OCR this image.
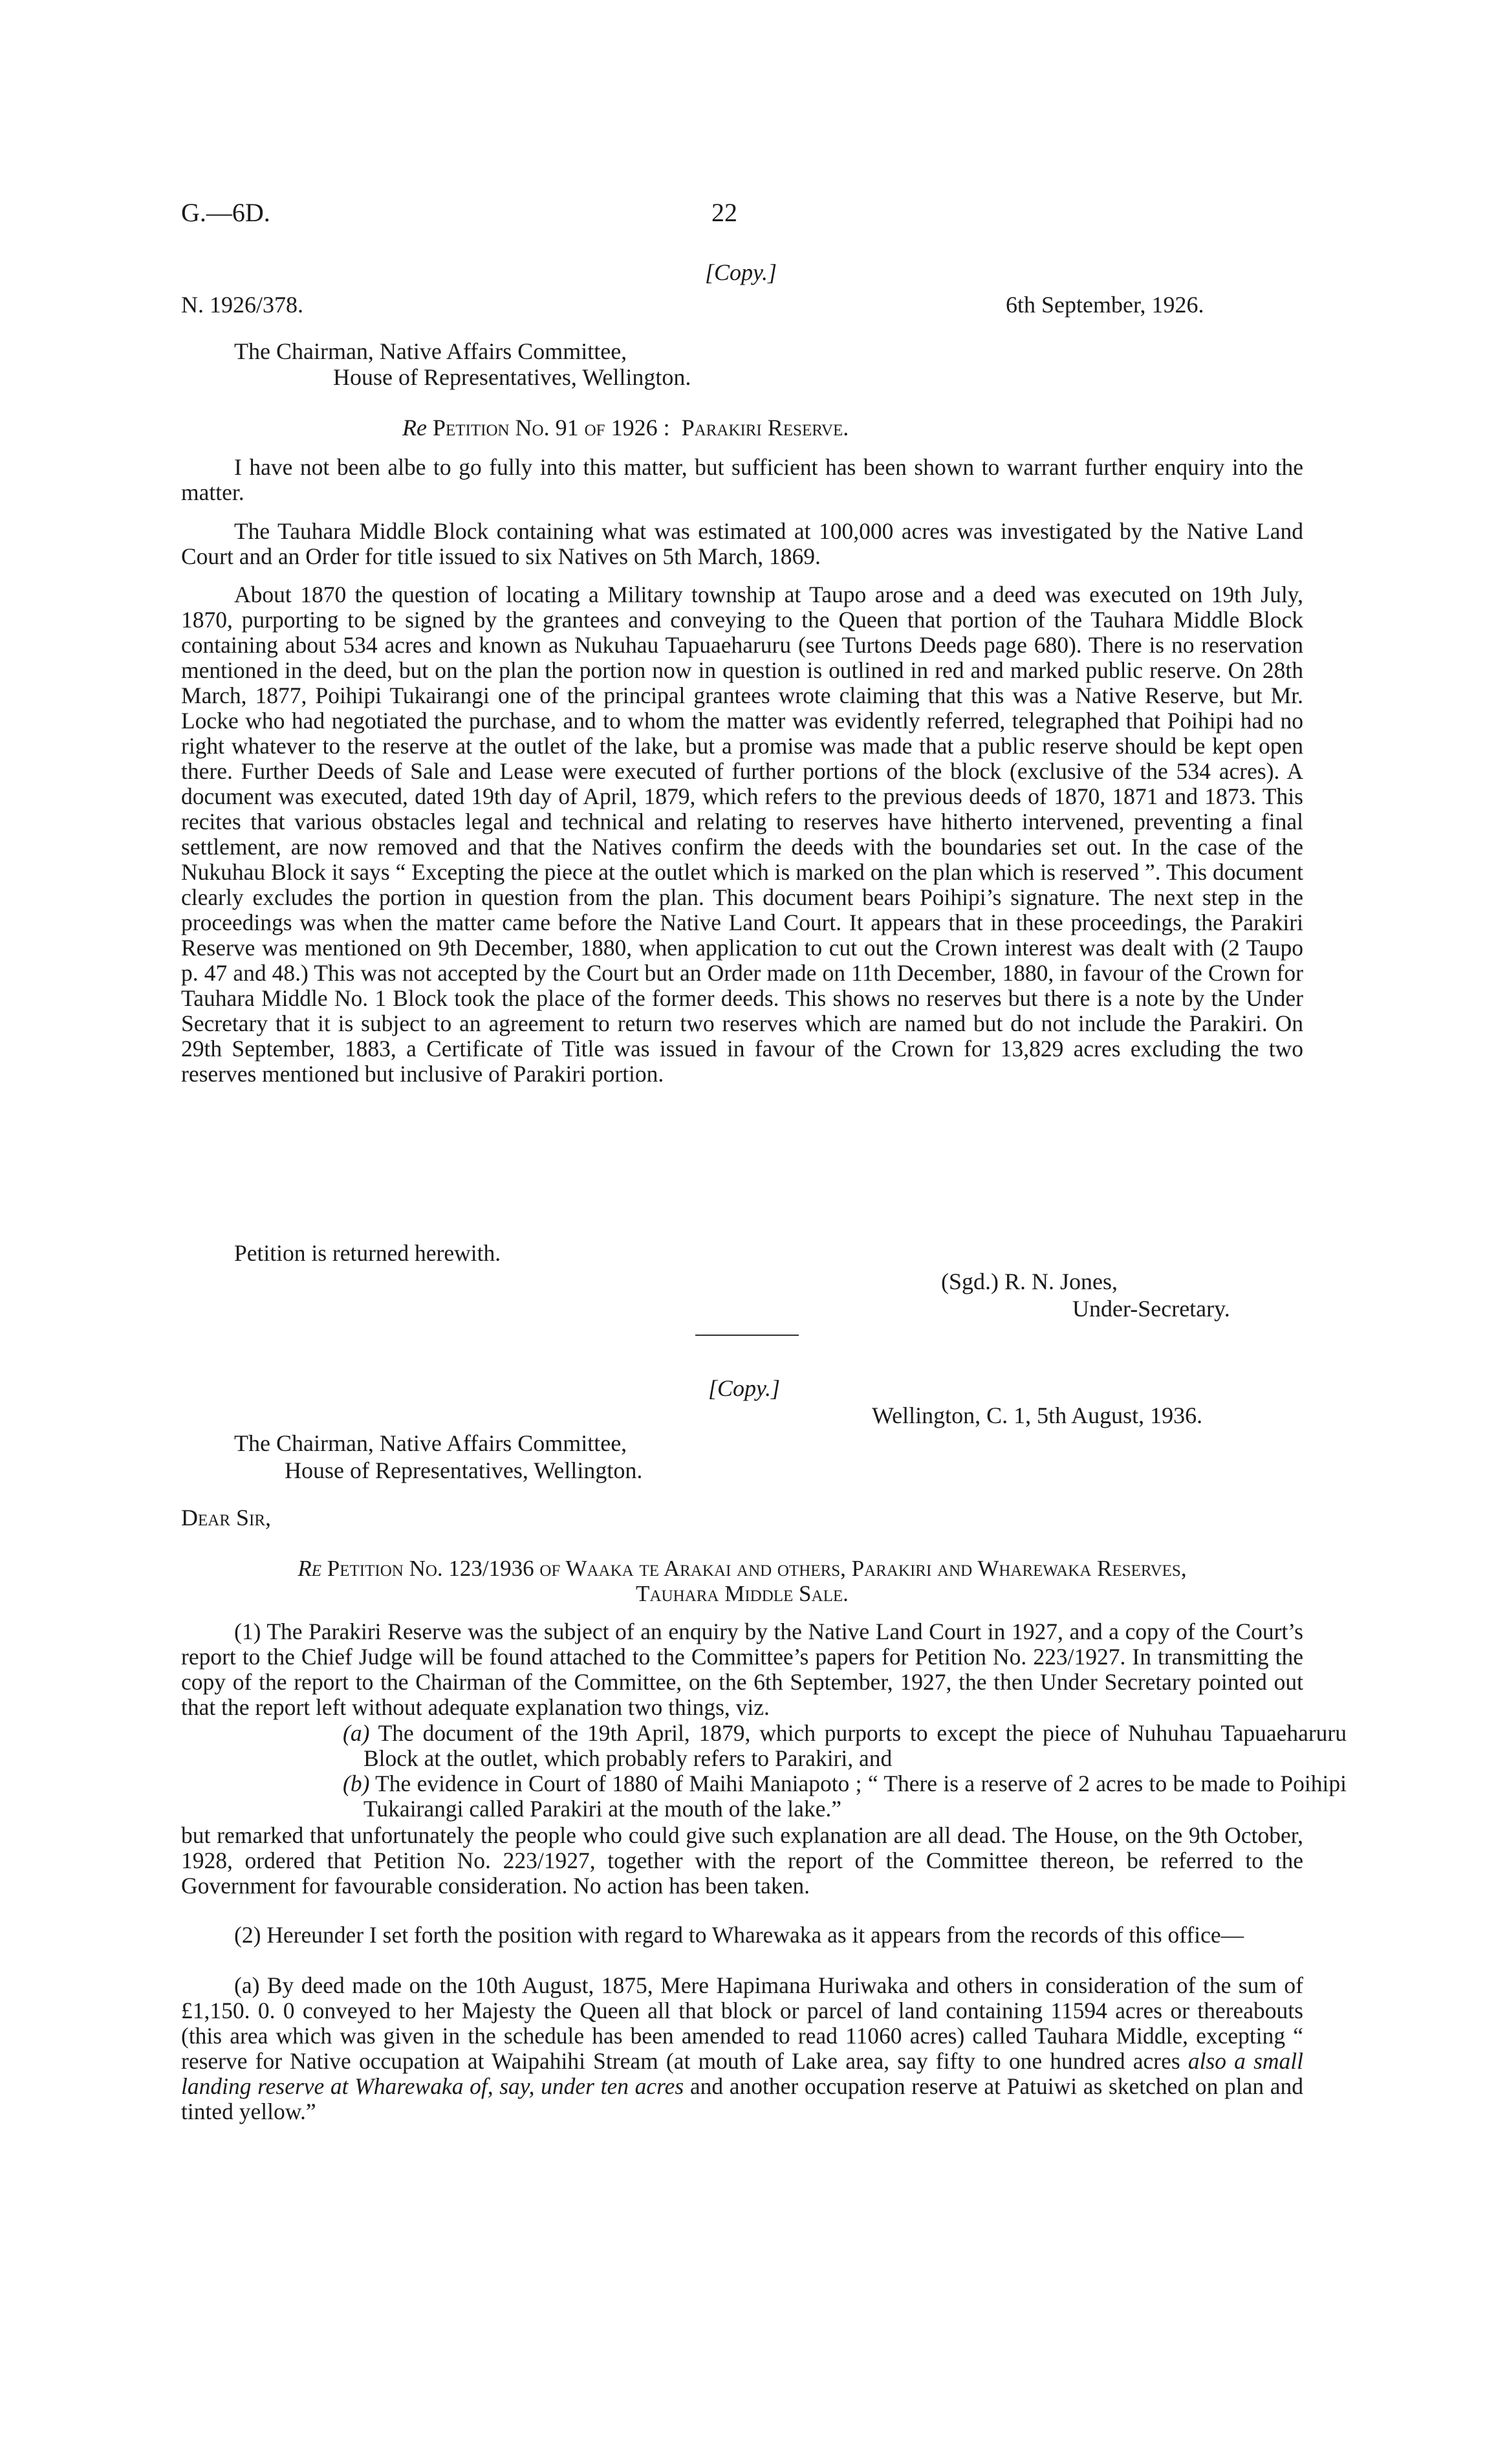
G.—6D.	22
[Copy.]
N. 1926/378.	6th September, 1926.
The Chairman, Native Affairs Committee,
House of Representatives, Wellington.
Re Petition No. 91 of 1926 :  Parakiri Reserve.

I have not been albe to go fully into this matter, but sufficient has been shown to warrant further enquiry into the matter.

The Tauhara Middle Block containing what was estimated at 100,000 acres was investigated by the Native Land Court and an Order for title issued to six Natives on 5th March, 1869.

About 1870 the question of locating a Military township at Taupo arose and a deed was executed on 19th July, 1870, purporting to be signed by the grantees and conveying to the Queen that portion of the Tauhara Middle Block containing about 534 acres and known as Nukuhau Tapuaeharuru (see Turtons Deeds page 680). There is no reservation mentioned in the deed, but on the plan the portion now in question is outlined in red and marked public reserve. On 28th March, 1877, Poihipi Tukairangi one of the principal grantees wrote claiming that this was a Native Reserve, but Mr. Locke who had negotiated the purchase, and to whom the matter was evidently referred, telegraphed that Poihipi had no right whatever to the reserve at the outlet of the lake, but a promise was made that a public reserve should be kept open there. Further Deeds of Sale and Lease were executed of further portions of the block (exclusive of the 534 acres). A document was executed, dated 19th day of April, 1879, which refers to the previous deeds of 1870, 1871 and 1873. This recites that various obstacles legal and technical and relating to reserves have hitherto intervened, preventing a final settlement, are now removed and that the Natives confirm the deeds with the boundaries set out. In the case of the Nukuhau Block it says “ Excepting the piece at the outlet which is marked on the plan which is reserved ”. This document clearly excludes the portion in question from the plan. This document bears Poihipi’s signature. The next step in the proceedings was when the matter came before the Native Land Court. It appears that in these proceedings, the Parakiri Reserve was mentioned on 9th December, 1880, when application to cut out the Crown interest was dealt with (2 Taupo p. 47 and 48.) This was not accepted by the Court but an Order made on 11th December, 1880, in favour of the Crown for Tauhara Middle No. 1 Block took the place of the former deeds. This shows no reserves but there is a note by the Under Secretary that it is subject to an agreement to return two reserves which are named but do not include the Parakiri. On 29th September, 1883, a Certificate of Title was issued in favour of the Crown for 13,829 acres excluding the two reserves mentioned but inclusive of Parakiri portion.

Petition is returned herewith.

(Sgd.) R. N. Jones,
Under-Secretary.
[Copy.]
Wellington, C. 1, 5th August, 1936.
The Chairman, Native Affairs Committee,
House of Representatives, Wellington.
Dear Sir,
Re Petition No. 123/1936 of Waaka te Arakai and others, Parakiri and Wharewaka Reserves,
Tauhara Middle Sale.

(1) The Parakiri Reserve was the subject of an enquiry by the Native Land Court in 1927, and a copy of the Court’s report to the Chief Judge will be found attached to the Committee’s papers for Petition No. 223/1927. In transmitting the copy of the report to the Chairman of the Committee, on the 6th September, 1927, the then Under Secretary pointed out that the report left without adequate explanation two things, viz.

(a) The document of the 19th April, 1879, which purports to except the piece of Nuhuhau Tapuaeharuru Block at the outlet, which probably refers to Parakiri, and
(b) The evidence in Court of 1880 of Maihi Maniapoto ; “ There is a reserve of 2 acres to be made to Poihipi Tukairangi called Parakiri at the mouth of the lake.”

but remarked that unfortunately the people who could give such explanation are all dead. The House, on the 9th October, 1928, ordered that Petition No. 223/1927, together with the report of the Committee thereon, be referred to the Government for favourable consideration. No action has been taken.

(2) Hereunder I set forth the position with regard to Wharewaka as it appears from the records of this office—

(a) By deed made on the 10th August, 1875, Mere Hapimana Huriwaka and others in consideration of the sum of £1,150. 0. 0 conveyed to her Majesty the Queen all that block or parcel of land containing 11594 acres or thereabouts (this area which was given in the schedule has been amended to read 11060 acres) called Tauhara Middle, excepting “ reserve for Native occupation at Waipahihi Stream (at mouth of Lake area, say fifty to one hundred acres also a small landing reserve at Wharewaka of, say, under ten acres and another occupation reserve at Patuiwi as sketched on plan and tinted yellow.”
